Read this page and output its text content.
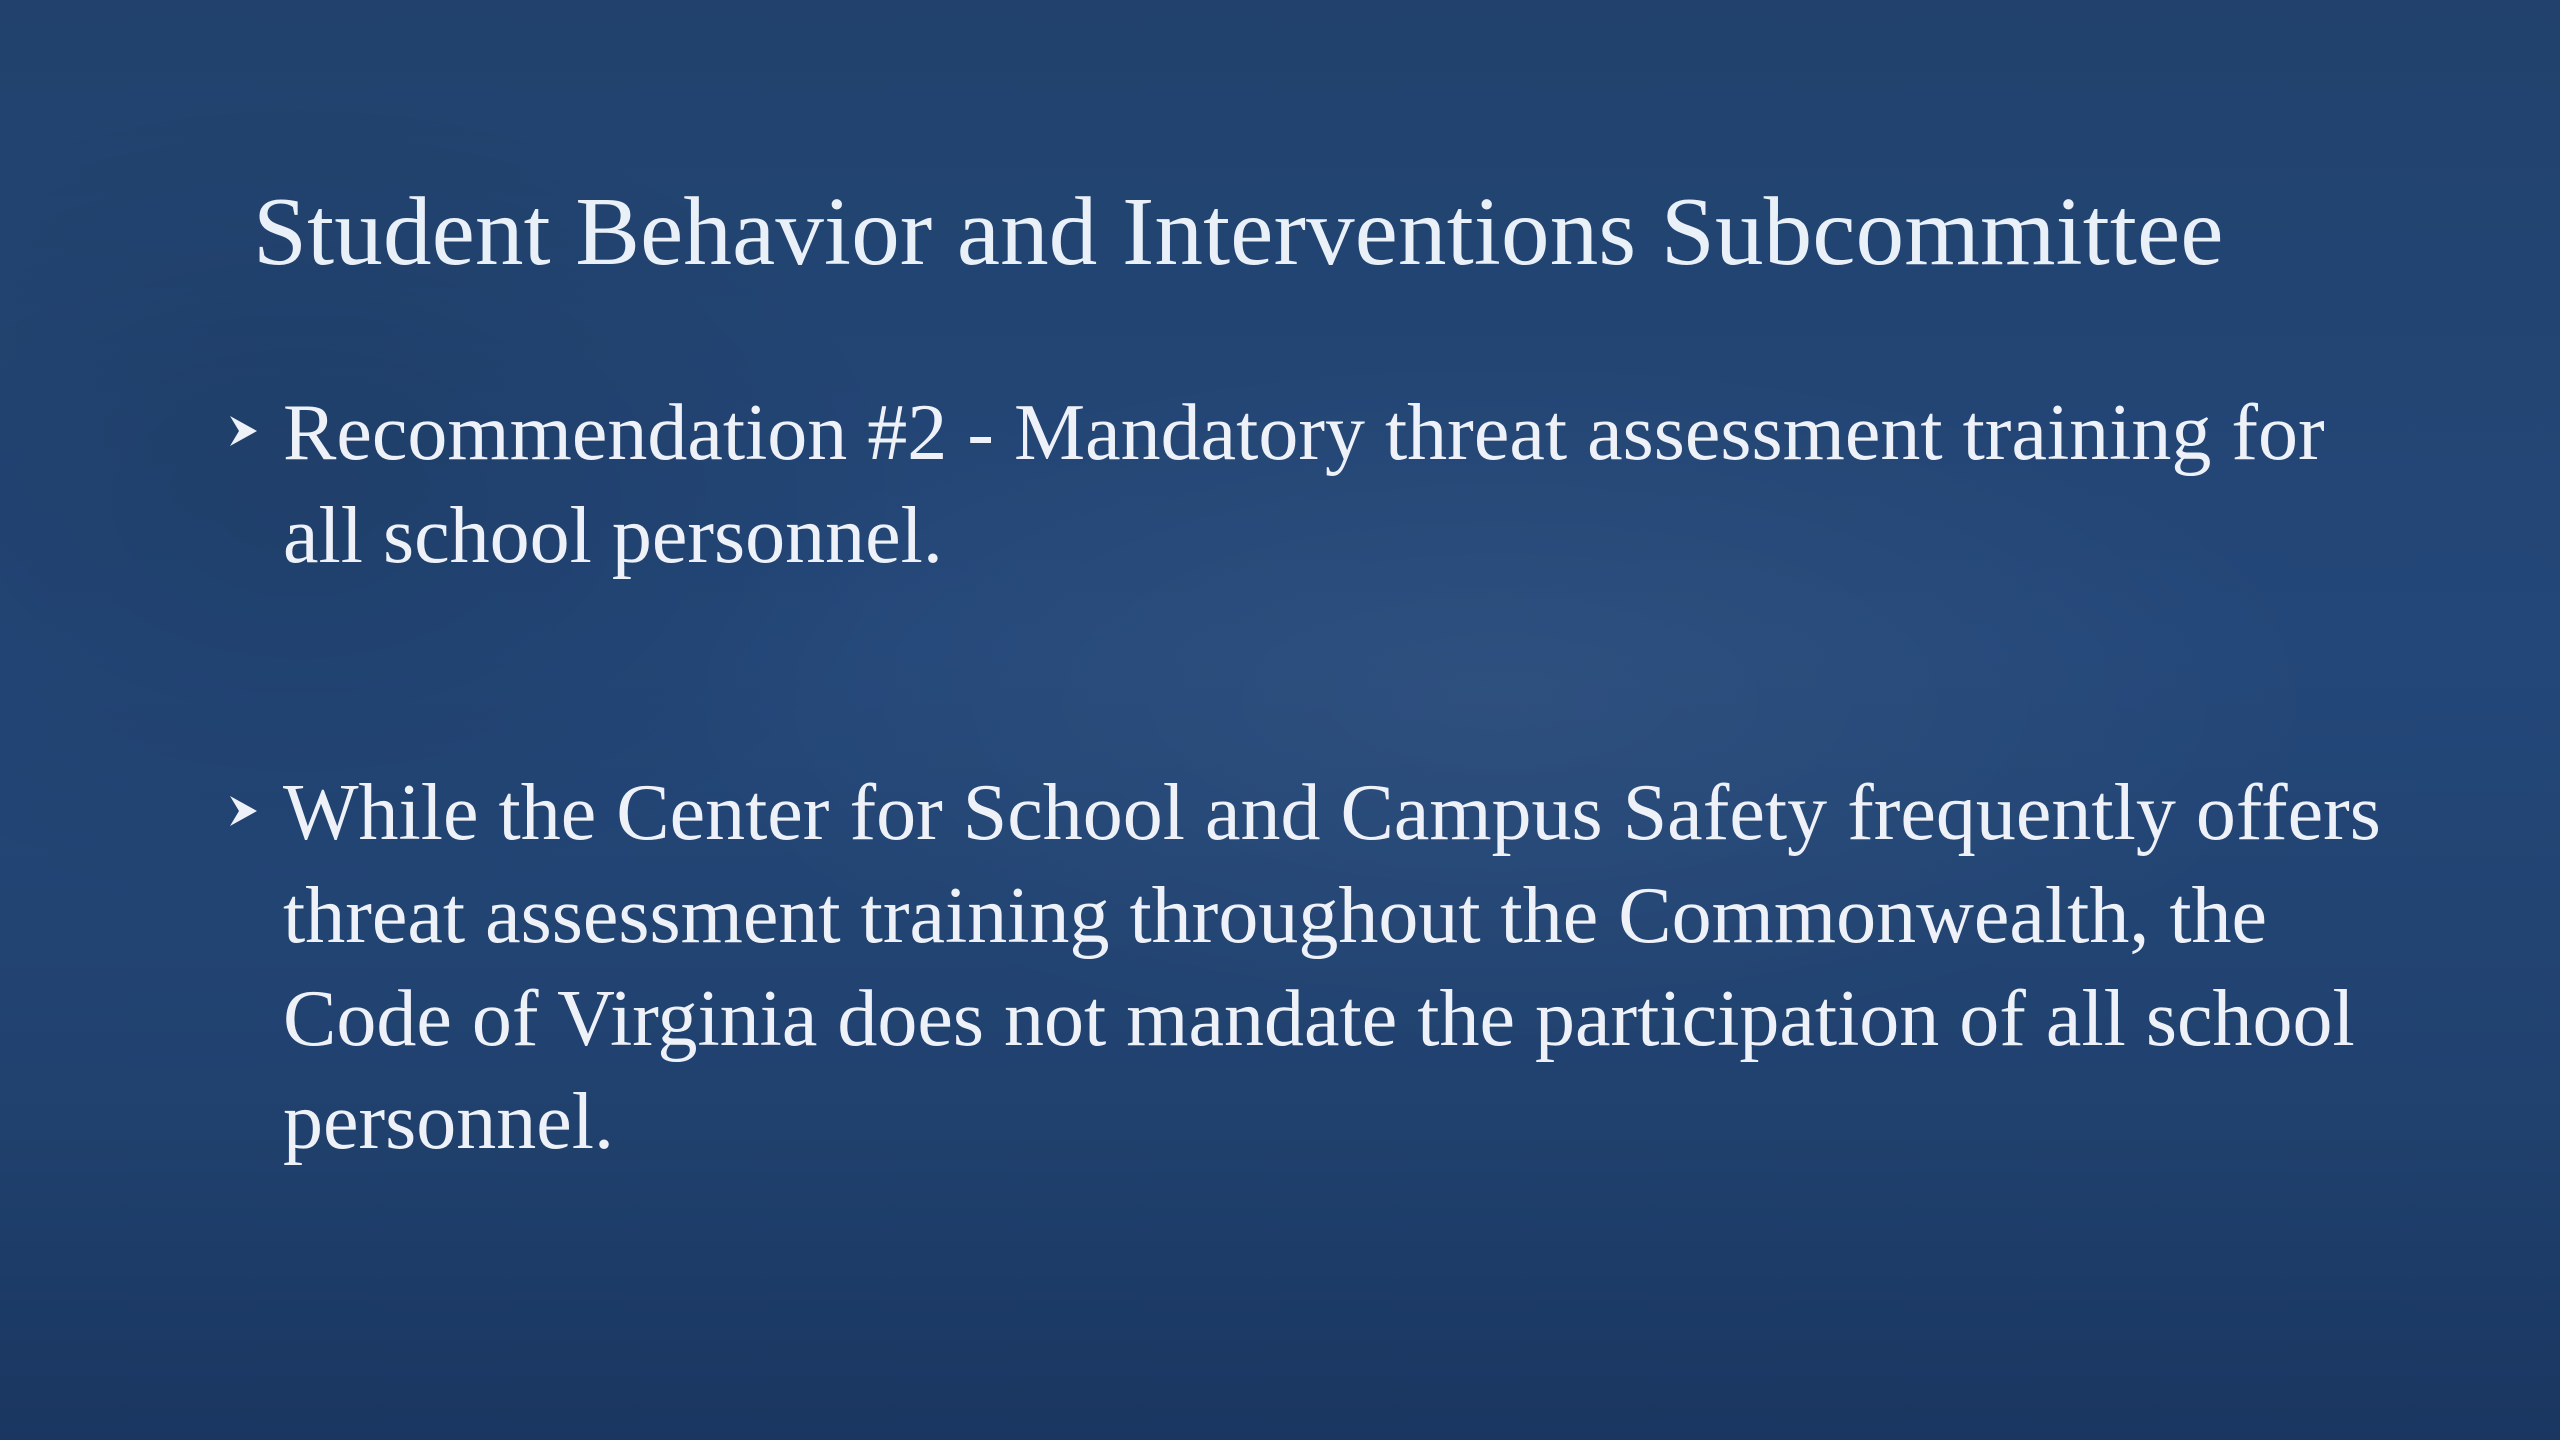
Student Behavior and Interventions Subcommittee
Recommendation #2 - Mandatory threat assessment training for all school personnel.
While the Center for School and Campus Safety frequently offers threat assessment training throughout the Commonwealth, the Code of Virginia does not mandate the participation of all school personnel.
